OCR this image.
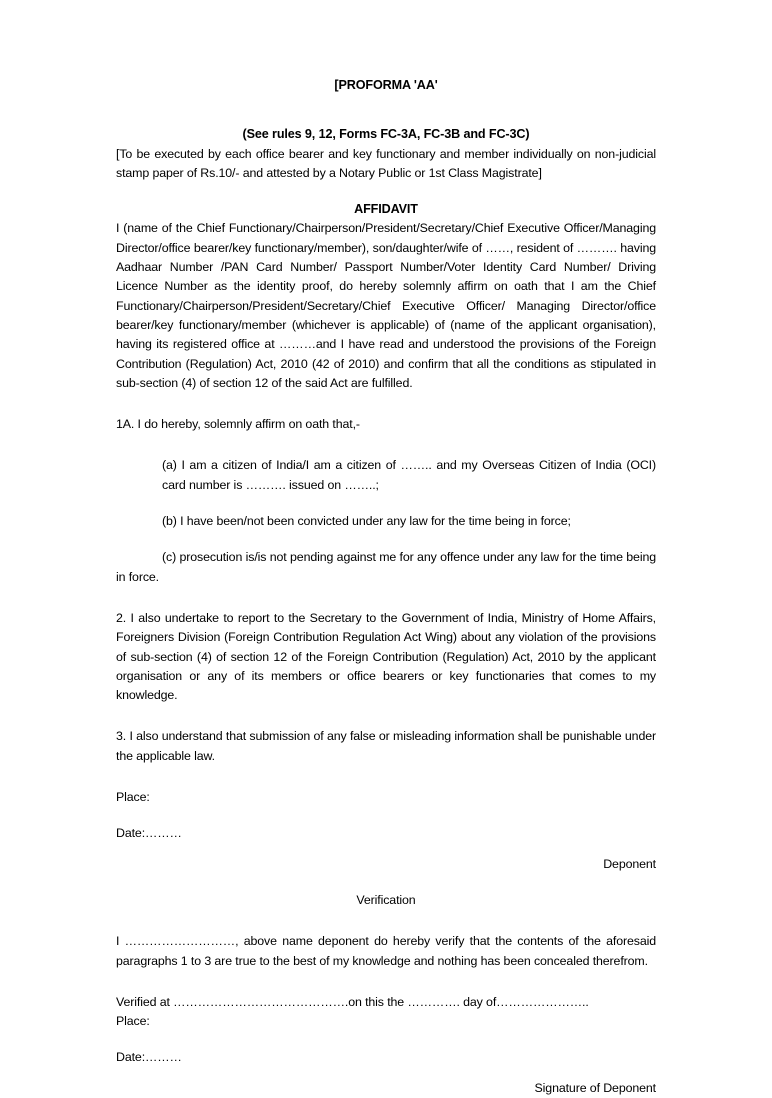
[PROFORMA 'AA'
(See rules 9, 12, Forms FC-3A, FC-3B and FC-3C)
[To be executed by each office bearer and key functionary and member individually on non-judicial stamp paper of Rs.10/- and attested by a Notary Public or 1st Class Magistrate]
AFFIDAVIT
I (name of the Chief Functionary/Chairperson/President/Secretary/Chief Executive Officer/Managing Director/office bearer/key functionary/member), son/daughter/wife of ……, resident of ………. having Aadhaar Number /PAN Card Number/ Passport Number/Voter Identity Card Number/ Driving Licence Number as the identity proof, do hereby solemnly affirm on oath that I am the Chief Functionary/Chairperson/President/Secretary/Chief Executive Officer/ Managing Director/office bearer/key functionary/member (whichever is applicable) of (name of the applicant organisation), having its registered office at ………and I have read and understood the provisions of the Foreign Contribution (Regulation) Act, 2010 (42 of 2010) and confirm that all the conditions as stipulated in sub-section (4) of section 12 of the said Act are fulfilled.
1A. I do hereby, solemnly affirm on oath that,-
(a) I am a citizen of India/I am a citizen of …….. and my Overseas Citizen of India (OCI) card number is ………. issued on ……..;
(b) I have been/not been convicted under any law for the time being in force;
(c) prosecution is/is not pending against me for any offence under any law for the time being in force.
2. I also undertake to report to the Secretary to the Government of India, Ministry of Home Affairs, Foreigners Division (Foreign Contribution Regulation Act Wing) about any violation of the provisions of sub-section (4) of section 12 of the Foreign Contribution (Regulation) Act, 2010 by the applicant organisation or any of its members or office bearers or key functionaries that comes to my knowledge.
3. I also understand that submission of any false or misleading information shall be punishable under the applicable law.
Place:
Date:………
Deponent
Verification
I ………………………, above name deponent do hereby verify that the contents of the aforesaid paragraphs 1 to 3 are true to the best of my knowledge and nothing has been concealed therefrom.
Verified at …………………………………….on this the …………. day of…………………..
Place:
Date:………
Signature of Deponent
